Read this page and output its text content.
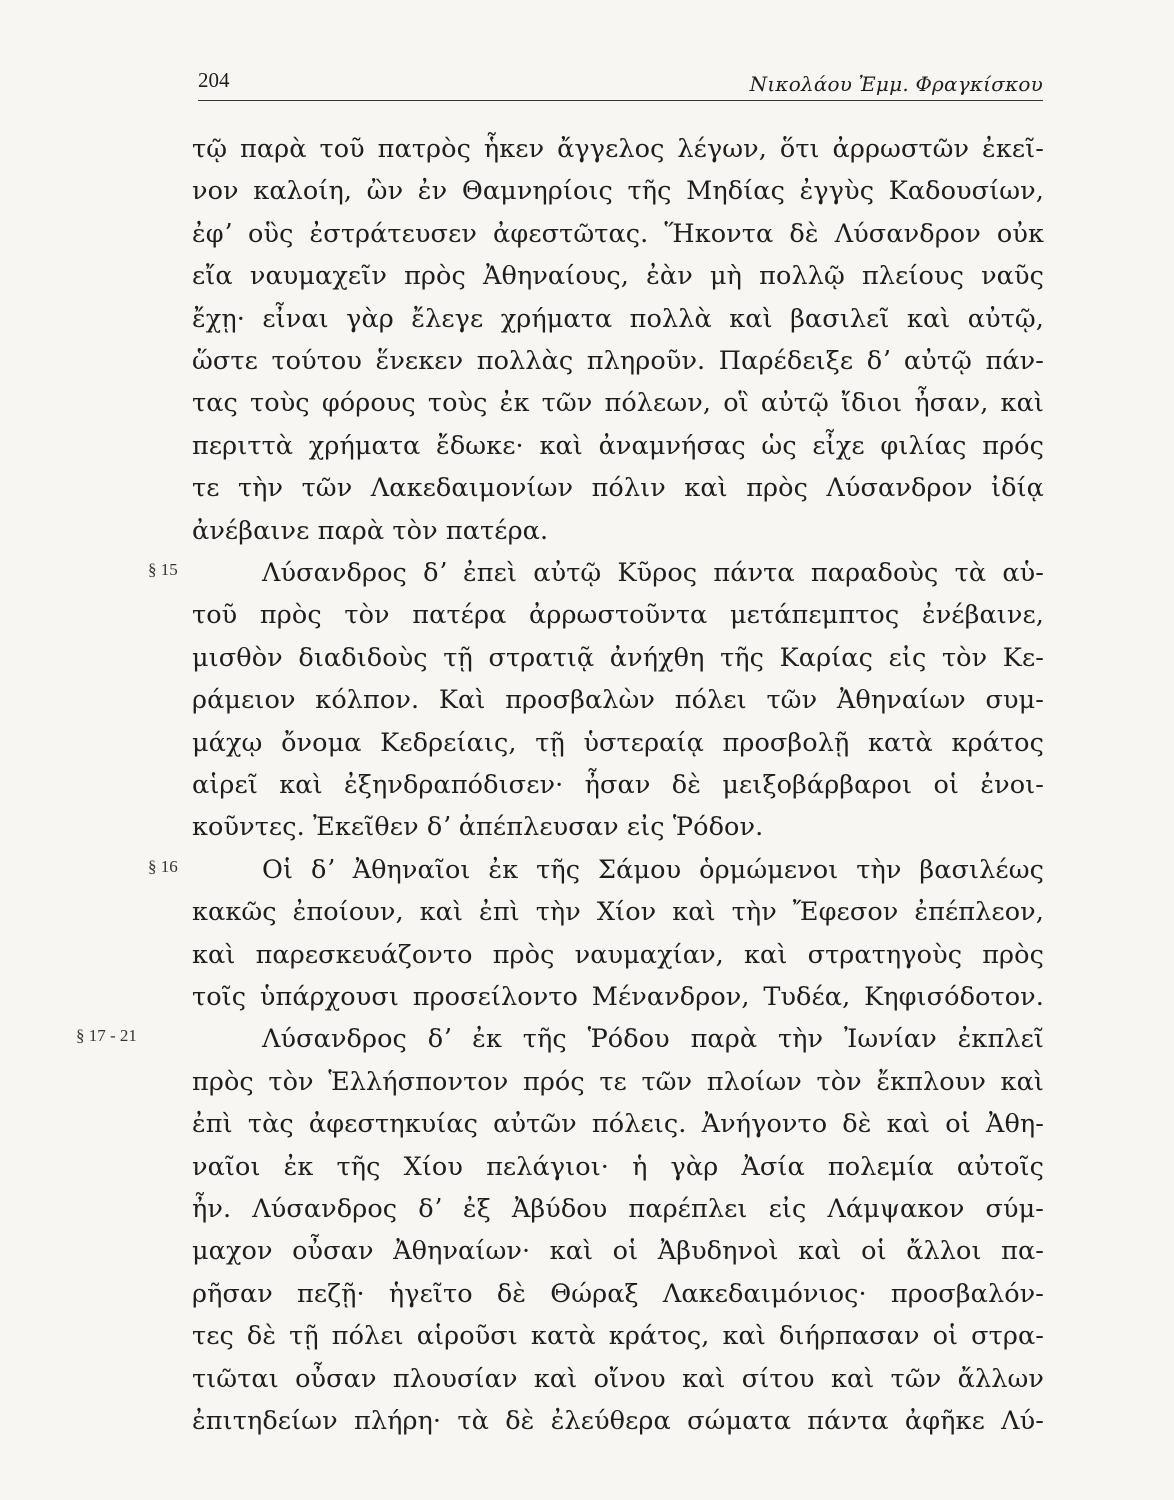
204	Νικολάου Ἐμμ. Φραγκίσκου
τῷ παρὰ τοῦ πατρὸς ἧκεν ἄγγελος λέγων, ὅτι ἀρρωστῶν ἐκεῖ-
νον καλοίη, ὢν ἐν Θαμνηρίοις τῆς Μηδίας ἐγγὺς Καδουσίων,
ἐφʼ οὓς ἐστράτευσεν ἀφεστῶτας. Ἥκοντα δὲ Λύσανδρον οὐκ
εἴα ναυμαχεῖν πρὸς Ἀθηναίους, ἐὰν μὴ πολλῷ πλείους ναῦς
ἔχῃ· εἶναι γὰρ ἔλεγε χρήματα πολλὰ καὶ βασιλεῖ καὶ αὐτῷ,
ὥστε τούτου ἕνεκεν πολλὰς πληροῦν. Παρέδειξε δʼ αὐτῷ πάν-
τας τοὺς φόρους τοὺς ἐκ τῶν πόλεων, οἳ αὐτῷ ἴδιοι ἦσαν, καὶ
περιττὰ χρήματα ἔδωκε· καὶ ἀναμνήσας ὡς εἶχε φιλίας πρός
τε τὴν τῶν Λακεδαιμονίων πόλιν καὶ πρὸς Λύσανδρον ἰδίᾳ
ἀνέβαινε παρὰ τὸν πατέρα.
§ 15	Λύσανδρος δʼ ἐπεὶ αὐτῷ Κῦρος πάντα παραδοὺς τὰ αὑ-
τοῦ πρὸς τὸν πατέρα ἀρρωστοῦντα μετάπεμπτος ἐνέβαινε,
μισθὸν διαδιδοὺς τῇ στρατιᾷ ἀνήχθη τῆς Καρίας εἰς τὸν Κε-
ράμειον κόλπον. Καὶ προσβαλὼν πόλει τῶν Ἀθηναίων συμ-
μάχῳ ὄνομα Κεδρείαις, τῇ ὑστεραίᾳ προσβολῇ κατὰ κράτος
αἱρεῖ καὶ ἐξηνδραπόδισεν· ἦσαν δὲ μειξοβάρβαροι οἱ ἐνοι-
κοῦντες. Ἐκεῖθεν δʼ ἀπέπλευσαν εἰς Ῥόδον.
§ 16	Οἱ δʼ Ἀθηναῖοι ἐκ τῆς Σάμου ὁρμώμενοι τὴν βασιλέως
κακῶς ἐποίουν, καὶ ἐπὶ τὴν Χίον καὶ τὴν Ἔφεσον ἐπέπλεον,
καὶ παρεσκευάζοντο πρὸς ναυμαχίαν, καὶ στρατηγοὺς πρὸς
τοῖς ὑπάρχουσι προσείλοντο Μένανδρον, Τυδέα, Κηφισόδοτον.
§ 17 - 21	Λύσανδρος δʼ ἐκ τῆς Ῥόδου παρὰ τὴν Ἰωνίαν ἐκπλεῖ
πρὸς τὸν Ἑλλήσποντον πρός τε τῶν πλοίων τὸν ἔκπλουν καὶ
ἐπὶ τὰς ἀφεστηκυίας αὐτῶν πόλεις. Ἀνήγοντο δὲ καὶ οἱ Ἀθη-
ναῖοι ἐκ τῆς Χίου πελάγιοι· ἡ γὰρ Ἀσία πολεμία αὐτοῖς
ἦν. Λύσανδρος δʼ ἐξ Ἀβύδου παρέπλει εἰς Λάμψακον σύμ-
μαχον οὖσαν Ἀθηναίων· καὶ οἱ Ἀβυδηνοὶ καὶ οἱ ἄλλοι πα-
ρῆσαν πεζῇ· ἡγεῖτο δὲ Θώραξ Λακεδαιμόνιος· προσβαλόν-
τες δὲ τῇ πόλει αἱροῦσι κατὰ κράτος, καὶ διήρπασαν οἱ στρα-
τιῶται οὖσαν πλουσίαν καὶ οἴνου καὶ σίτου καὶ τῶν ἄλλων
ἐπιτηδείων πλήρη· τὰ δὲ ἐλεύθερα σώματα πάντα ἀφῆκε Λύ-
